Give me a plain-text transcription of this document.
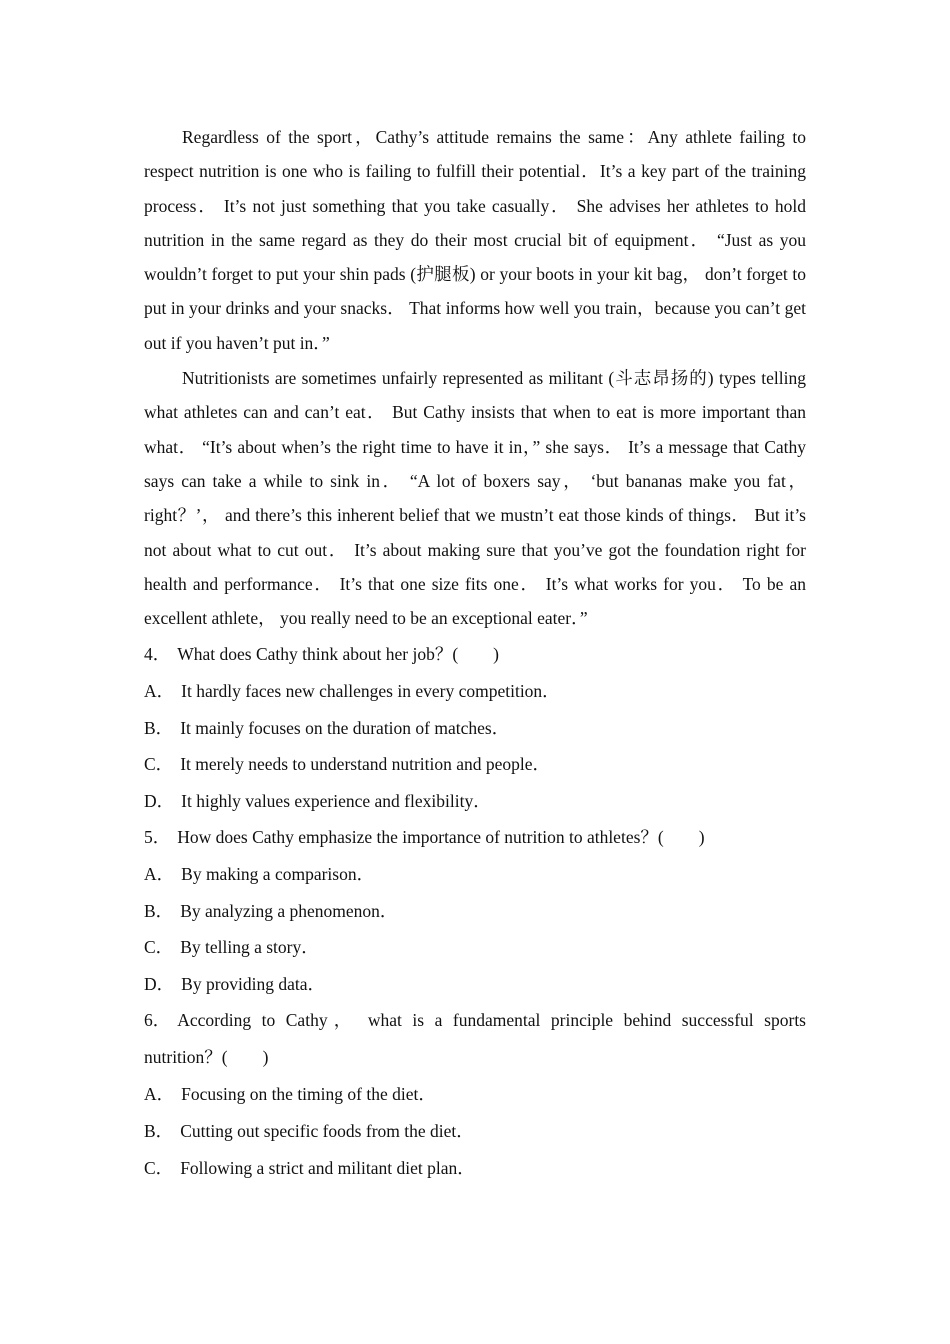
Regardless of the sport，Cathy’s attitude remains the same：Any athlete failing to respect nutrition is one who is failing to fulfill their potential．It’s a key part of the training process． It’s not just something that you take casually． She advises her athletes to hold nutrition in the same regard as they do their most crucial bit of equipment． “Just as you wouldn’t forget to put your shin pads (护腿板) or your boots in your kit bag， don’t forget to put in your drinks and your snacks． That informs how well you train，because you can’t get out if you haven’t put in．”

Nutritionists are sometimes unfairly represented as militant (斗志昂扬的) types telling what athletes can and can’t eat． But Cathy insists that when to eat is more important than what． “It’s about when’s the right time to have it in，” she says． It’s a message that Cathy says can take a while to sink in． “A lot of boxers say， ‘but bananas make you fat，right？’， and there’s this inherent belief that we mustn’t eat those kinds of things． But it’s not about what to cut out． It’s about making sure that you’ve got the foundation right for health and performance． It’s that one size fits one． It’s what works for you． To be an excellent athlete， you really need to be an exceptional eater．”

4． What does Cathy think about her job？(　　)

A． It hardly faces new challenges in every competition．

B． It mainly focuses on the duration of matches．

C． It merely needs to understand nutrition and people．

D． It highly values experience and flexibility．

5． How does Cathy emphasize the importance of nutrition to athletes？(　　)

A． By making a comparison．

B． By analyzing a phenomenon．

C． By telling a story．

D． By providing data．

6． According to Cathy， what is a fundamental principle behind successful sports nutrition？(　　)

A． Focusing on the timing of the diet．

B． Cutting out specific foods from the diet．

C． Following a strict and militant diet plan．
